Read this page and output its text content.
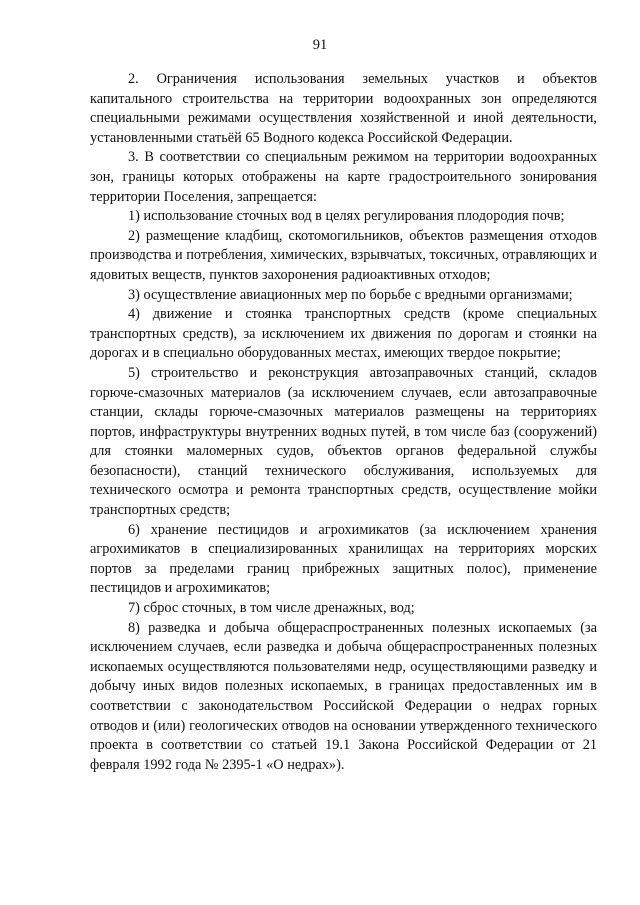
91

2. Ограничения использования земельных участков и объектов капитального строительства на территории водоохранных зон определяются специальными режимами осуществления хозяйственной и иной деятельности, установленными статьёй 65 Водного кодекса Российской Федерации.

3. В соответствии со специальным режимом на территории водоохранных зон, границы которых отображены на карте градостроительного зонирования территории Поселения, запрещается:

1) использование сточных вод в целях регулирования плодородия почв;

2) размещение кладбищ, скотомогильников, объектов размещения отходов производства и потребления, химических, взрывчатых, токсичных, отравляющих и ядовитых веществ, пунктов захоронения радиоактивных отходов;

3) осуществление авиационных мер по борьбе с вредными организмами;

4) движение и стоянка транспортных средств (кроме специальных транспортных средств), за исключением их движения по дорогам и стоянки на дорогах и в специально оборудованных местах, имеющих твердое покрытие;

5) строительство и реконструкция автозаправочных станций, складов горюче-смазочных материалов (за исключением случаев, если автозаправочные станции, склады горюче-смазочных материалов размещены на территориях портов, инфраструктуры внутренних водных путей, в том числе баз (сооружений) для стоянки маломерных судов, объектов органов федеральной службы безопасности), станций технического обслуживания, используемых для технического осмотра и ремонта транспортных средств, осуществление мойки транспортных средств;

6) хранение пестицидов и агрохимикатов (за исключением хранения агрохимикатов в специализированных хранилищах на территориях морских портов за пределами границ прибрежных защитных полос), применение пестицидов и агрохимикатов;

7) сброс сточных, в том числе дренажных, вод;

8) разведка и добыча общераспространенных полезных ископаемых (за исключением случаев, если разведка и добыча общераспространенных полезных ископаемых осуществляются пользователями недр, осуществляющими разведку и добычу иных видов полезных ископаемых, в границах предоставленных им в соответствии с законодательством Российской Федерации о недрах горных отводов и (или) геологических отводов на основании утвержденного технического проекта в соответствии со статьей 19.1 Закона Российской Федерации от 21 февраля 1992 года № 2395-1 «О недрах»).
